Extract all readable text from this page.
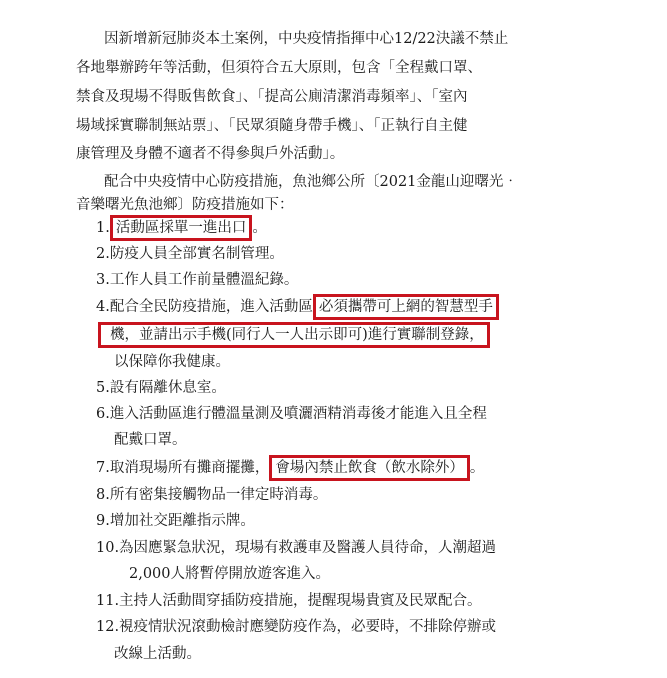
因新增新冠肺炎本土案例，中央疫情指揮中心12/22決議不禁止
各地舉辦跨年等活動，但須符合五大原則，包含「全程戴口罩、
禁食及現場不得販售飲食」、「提高公廁清潔消毒頻率」、「室內
場域採實聯制無站票」、「民眾須隨身帶手機」、「正執行自主健
康管理及身體不適者不得參與戶外活動」。
配合中央疫情中心防疫措施，魚池鄉公所〔2021金龍山迎曙光‧
音樂曙光魚池鄉〕防疫措施如下：
1. 活動區採單一進出口 。
2.防疫人員全部實名制管理。
3.工作人員工作前量體溫紀錄。
4.配合全民防疫措施，進入活動區 必須攜帶可上網的智慧型手
機，並請出示手機(同行人一人出示即可)進行實聯制登錄，
以保障你我健康。
5.設有隔離休息室。
6.進入活動區進行體溫量測及噴灑酒精消毒後才能進入且全程
配戴口罩。
7.取消現場所有攤商擺攤， 會場內禁止飲食（飲水除外） 。
8.所有密集接觸物品一律定時消毒。
9.增加社交距離指示牌。
10.為因應緊急狀況，現場有救護車及醫護人員待命，人潮超過
2,000人將暫停開放遊客進入。
11.主持人活動間穿插防疫措施，提醒現場貴賓及民眾配合。
12.視疫情狀況滾動檢討應變防疫作為，必要時，不排除停辦或
改線上活動。
